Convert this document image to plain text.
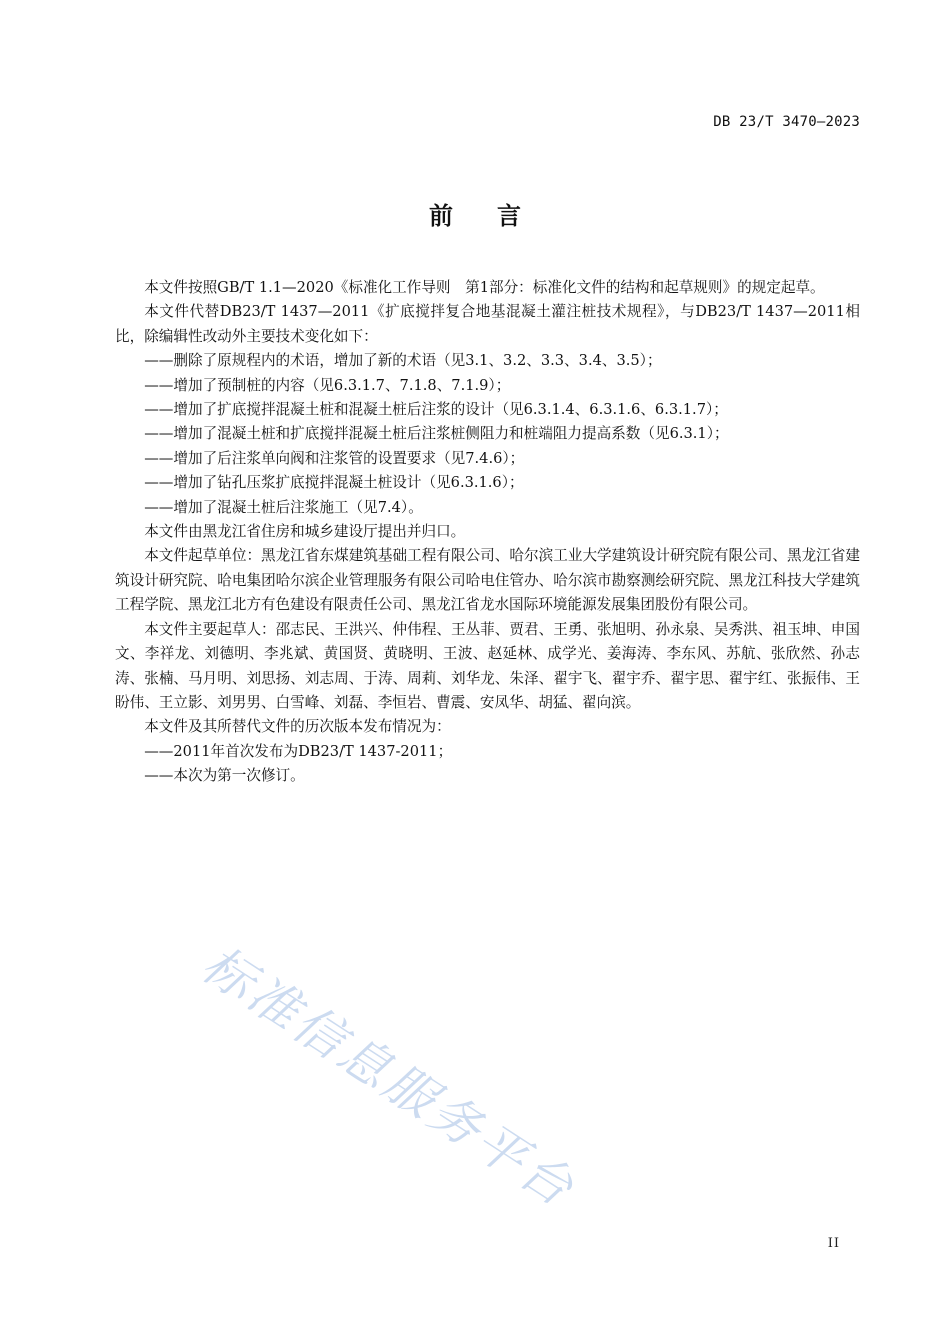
DB 23/T 3470—2023
前言

本文件按照GB/T 1.1—2020《标准化工作导则　第1部分：标准化文件的结构和起草规则》的规定起草。

本文件代替DB23/T 1437—2011《扩底搅拌复合地基混凝土灌注桩技术规程》，与DB23/T 1437—2011相比，除编辑性改动外主要技术变化如下：

——删除了原规程内的术语，增加了新的术语（见3.1、3.2、3.3、3.4、3.5）；

——增加了预制桩的内容（见6.3.1.7、7.1.8、7.1.9）；

——增加了扩底搅拌混凝土桩和混凝土桩后注浆的设计（见6.3.1.4、6.3.1.6、6.3.1.7）；

——增加了混凝土桩和扩底搅拌混凝土桩后注浆桩侧阻力和桩端阻力提高系数（见6.3.1）；

——增加了后注浆单向阀和注浆管的设置要求（见7.4.6）；

——增加了钻孔压浆扩底搅拌混凝土桩设计（见6.3.1.6）；

——增加了混凝土桩后注浆施工（见7.4）。

本文件由黑龙江省住房和城乡建设厅提出并归口。

本文件起草单位：黑龙江省东煤建筑基础工程有限公司、哈尔滨工业大学建筑设计研究院有限公司、黑龙江省建筑设计研究院、哈电集团哈尔滨企业管理服务有限公司哈电住管办、哈尔滨市勘察测绘研究院、黑龙江科技大学建筑工程学院、黑龙江北方有色建设有限责任公司、黑龙江省龙水国际环境能源发展集团股份有限公司。

本文件主要起草人：邵志民、王洪兴、仲伟程、王丛菲、贾君、王勇、张旭明、孙永泉、吴秀洪、祖玉坤、申国文、李祥龙、刘德明、李兆斌、黄国贤、黄晓明、王波、赵延林、成学光、姜海涛、李东风、苏航、张欣然、孙志涛、张楠、马月明、刘思扬、刘志周、于涛、周莉、刘华龙、朱泽、翟宇飞、翟宇乔、翟宇思、翟宇红、张振伟、王盼伟、王立影、刘男男、白雪峰、刘磊、李恒岩、曹震、安凤华、胡猛、翟向滨。

本文件及其所替代文件的历次版本发布情况为：

——2011年首次发布为DB23/T 1437-2011；

——本次为第一次修订。

标准信息服务平台
II
